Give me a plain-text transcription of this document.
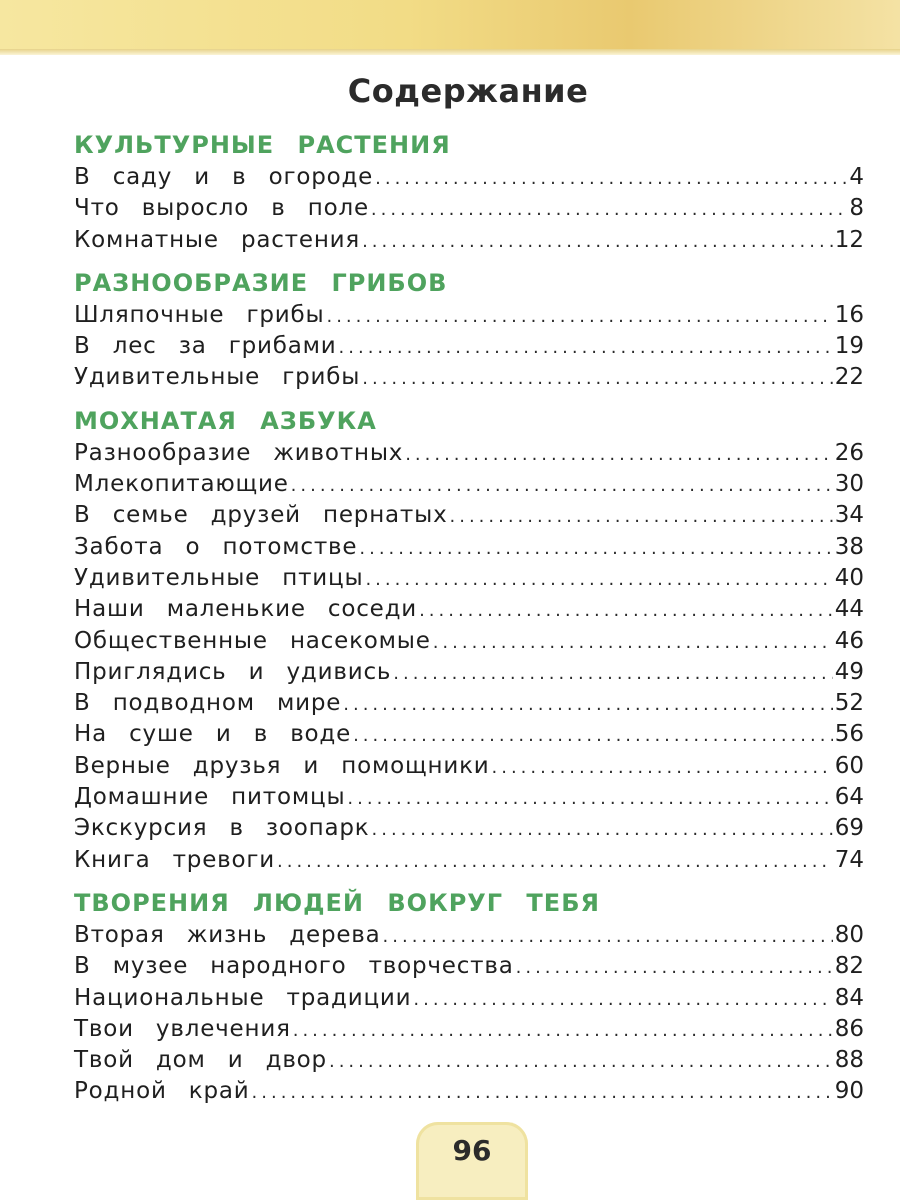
Содержание
КУЛЬТУРНЫЕ РАСТЕНИЯ
В саду и в огороде .....	4
Что выросло в поле .....	8
Комнатные растения .....	12
РАЗНООБРАЗИЕ ГРИБОВ
Шляпочные грибы .....	16
В лес за грибами .....	19
Удивительные грибы .....	22
МОХНАТАЯ АЗБУКА
Разнообразие животных .....	26
Млекопитающие .....	30
В семье друзей пернатых .....	34
Забота о потомстве .....	38
Удивительные птицы .....	40
Наши маленькие соседи .....	44
Общественные насекомые .....	46
Приглядись и удивись .....	49
В подводном мире .....	52
На суше и в воде .....	56
Верные друзья и помощники .....	60
Домашние питомцы .....	64
Экскурсия в зоопарк .....	69
Книга тревоги .....	74
ТВОРЕНИЯ ЛЮДЕЙ ВОКРУГ ТЕБЯ
Вторая жизнь дерева .....	80
В музее народного творчества .....	82
Национальные традиции .....	84
Твои увлечения .....	86
Твой дом и двор .....	88
Родной край .....	90
96
